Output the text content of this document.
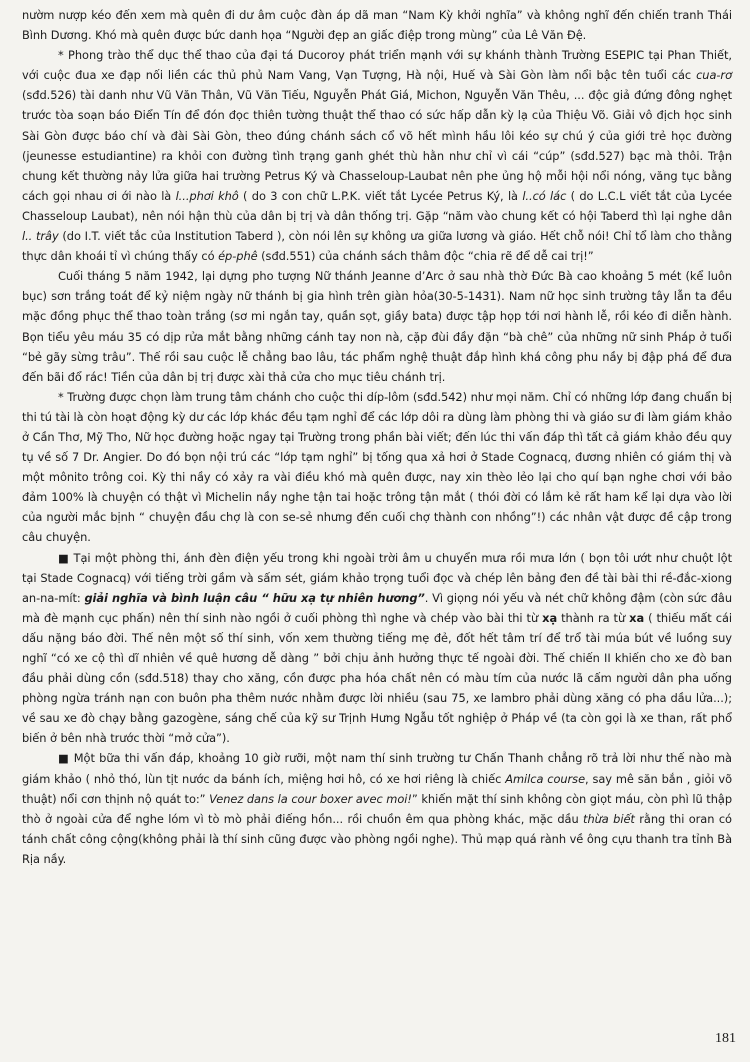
nườm nượp kéo đến xem mà quên đi dư âm cuộc đàn áp dã man “Nam Kỳ khởi nghĩa” và không nghĩ đến chiến tranh Thái Bình Dương. Khó mà quên được bức danh họa “Người đẹp an giấc điệp trong mùng” của Lê Văn Đệ.

* Phong trào thể dục thể thao của đại tá Ducoroy phát triển mạnh với sự khánh thành Trường ESEPIC tại Phan Thiết, với cuộc đua xe đạp nối liền các thủ phủ Nam Vang, Vạn Tượng, Hà nội, Huế và Sài Gòn làm nổi bậc tên tuổi các cua-rơ (sđd.526) tài danh như Vũ Văn Thân, Vũ Văn Tiếu, Nguyễn Phát Giá, Michon, Nguyễn Văn Thêu, ... độc giả đứng đông nghẹt trước tòa soạn báo Điển Tín để đón đọc thiên tường thuật thể thao có sức hấp dẫn kỳ lạ của Thiệu Võ. Giải vô địch học sinh Sài Gòn được báo chí và đài Sài Gòn, theo đúng chánh sách cổ võ hết mình hầu lôi kéo sự chú ý của giới trẻ học đường (jeunesse estudiantine) ra khỏi con đường tình trạng ganh ghét thù hằn như chỉ vì cái “cúp” (sđd.527) bạc mà thôi. Trận chung kết thường nảy lửa giữa hai trường Petrus Ký và Chasseloup-Laubat nên phe ủng hộ mỗi hội nổi nóng, văng tục bằng cách gọi nhau ơi ới nào là l...phơi khô ( do 3 con chữ L.P.K. viết tắt Lycée Petrus Ký, là l..có lác ( do L.C.L viết tắt của Lycée Chasseloup Laubat), nên nói hận thù của dân bị trị và dân thống trị. Gặp “năm vào chung kết có hội Taberd thì lại nghe dân l.. trây (do I.T. viết tắc của Institution Taberd ), còn nói lên sự không ưa giữa lương và giáo. Hết chỗ nói! Chỉ tổ làm cho thằng thực dân khoái tỉ vì chúng thấy có ép-phê (sđd.551) của chánh sách thâm độc “chia rẽ để dễ cai trị!”

Cuối tháng 5 năm 1942, lại dựng pho tượng Nữ thánh Jeanne d’Arc ở sau nhà thờ Đức Bà cao khoảng 5 mét (kể luôn bục) sơn trắng toát để kỷ niệm ngày nữ thánh bị gia hình trên giàn hỏa(30-5-1431). Nam nữ học sinh trường tây lẫn ta đều mặc đồng phục thể thao toàn trắng (sơ mi ngắn tay, quần sọt, giầy bata) được tập họp tới nơi hành lễ, rồi kéo đi diễn hành. Bọn tiểu yêu máu 35 có dịp rửa mắt bằng những cánh tay non nà, cặp đùi đầy đặn “bà chê” của những nữ sinh Pháp ở tuổi “bẻ gãy sừng trâu”. Thế rồi sau cuộc lễ chẳng bao lâu, tác phẩm nghệ thuật đắp hình khá công phu nầy bị đập phá để đưa đến bãi đổ rác! Tiền của dân bị trị được xài thả cửa cho mục tiêu chánh trị.

* Trường được chọn làm trung tâm chánh cho cuộc thi díp-lôm (sđd.542) như mọi năm. Chỉ có những lớp đang chuẩn bị thi tú tài là còn hoạt động kỳ dư các lớp khác đều tạm nghỉ để các lớp dôi ra dùng làm phòng thi và giáo sư đi làm giám khảo ở Cần Thơ, Mỹ Tho, Nữ học đường hoặc ngay tại Trường trong phần bài viết; đến lúc thi vấn đáp thì tất cả giám khảo đều quy tụ về số 7 Dr. Angier. Do đó bọn nội trú các “lớp tạm nghỉ” bị tống qua xả hơi ở Stade Cognacq, đương nhiên có giám thị và một mônito trông coi. Kỳ thi nầy có xảy ra vài điều khó mà quên được, nay xin thèo lẻo lại cho quí bạn nghe chơi với bảo đảm 100% là chuyện có thật vì Michelin nầy nghe tận tai hoặc trông tận mắt ( thói đời có lắm kẻ rất ham kể lại dựa vào lời của người mắc bịnh “ chuyện đầu chợ là con se-sẻ nhưng đến cuối chợ thành con nhồng”!) các nhân vật được đề cập trong câu chuyện.

■ Tại một phòng thi, ánh đèn điện yếu trong khi ngoài trời âm u chuyển mưa rồi mưa lớn ( bọn tôi ướt như chuột lột tại Stade Cognacq) với tiếng trời gầm và sấm sét, giám khảo trọng tuổi đọc và chép lên bảng đen đề tài bài thi rề-đắc-xiong an-na-mít: giải nghĩa và bình luận câu “ hữu xạ tự nhiên hương”. Vì giọng nói yếu và nét chữ không đậm (còn sức đâu mà đè mạnh cục phấn) nên thí sinh nào ngồi ở cuối phòng thì nghe và chép vào bài thi từ xạ thành ra từ xa ( thiếu mất cái dấu nặng báo đời. Thế nên một số thí sinh, vốn xem thường tiếng mẹ đẻ, đốt hết tâm trí để trổ tài múa bút về luồng suy nghĩ “có xe cộ thì dĩ nhiên về quê hương dễ dàng ” bởi chịu ảnh hưởng thực tế ngoài đời. Thế chiến II khiến cho xe đò ban đầu phải dùng cồn (sđd.518) thay cho xăng, cồn được pha hóa chất nên có màu tím của nước lã cấm người dân pha uống phòng ngừa tránh nạn con buôn pha thêm nước nhằm được lời nhiều (sau 75, xe lambro phải dùng xăng có pha dầu lửa...); về sau xe đò chạy bằng gazogène, sáng chế của kỹ sư Trịnh Hưng Ngẫu tốt nghiệp ở Pháp về (ta còn gọi là xe than, rất phổ biến ở bên nhà trước thời “mở cửa”).

■ Một bữa thi vấn đáp, khoảng 10 giờ rưỡi, một nam thí sinh trường tư Chấn Thanh chẳng rõ trả lời như thế nào mà giám khảo ( nhỏ thó, lùn tịt nước da bánh ích, miệng hơi hô, có xe hơi riêng là chiếc Amilca course, say mê săn bắn , giỏi võ thuật) nổi cơn thịnh nộ quát to:” Venez dans la cour boxer avec moi!” khiến mặt thí sinh không còn giọt máu, còn phì lũ thập thò ở ngoài cửa để nghe lóm vì tò mò phải điếng hồn... rồi chuồn êm qua phòng khác, mặc dầu thừa biết rằng thi oran có tánh chất công cộng(không phải là thí sinh cũng được vào phòng ngồi nghe). Thủ mạp quá rành về ông cựu thanh tra tỉnh Bà Rịa nầy.

181
